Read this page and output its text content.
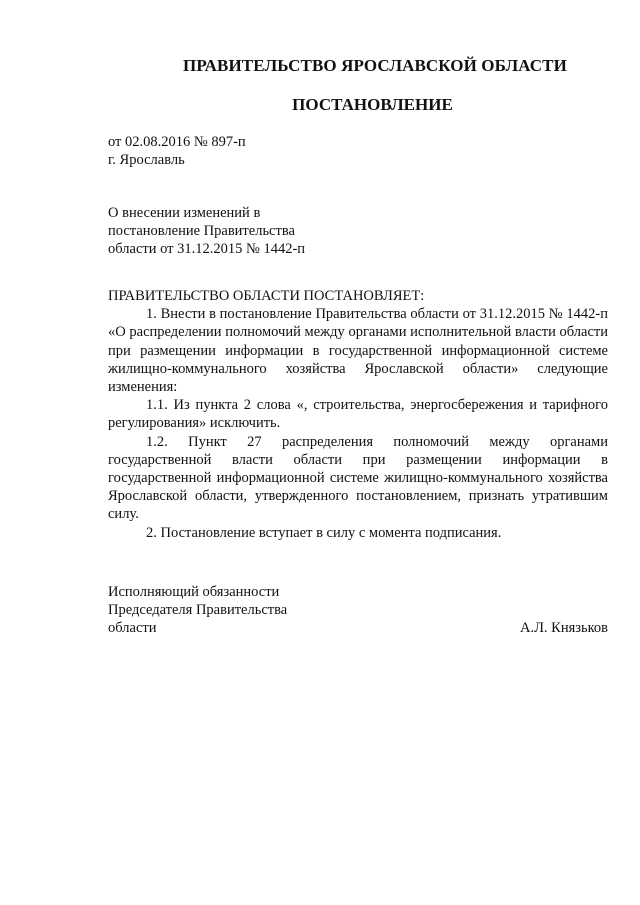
ПРАВИТЕЛЬСТВО ЯРОСЛАВСКОЙ ОБЛАСТИ
ПОСТАНОВЛЕНИЕ
от 02.08.2016 № 897-п
г. Ярославль
О внесении изменений в
постановление Правительства
области от 31.12.2015 № 1442-п

ПРАВИТЕЛЬСТВО ОБЛАСТИ ПОСТАНОВЛЯЕТ:

1. Внести в постановление Правительства области от 31.12.2015 № 1442-п «О распределении полномочий между органами исполнительной власти области при размещении информации в государственной информационной системе жилищно-коммунального хозяйства Ярославской области» следующие изменения:

1.1. Из пункта 2 слова «, строительства, энергосбережения и тарифного регулирования» исключить.

1.2. Пункт 27 распределения полномочий между органами государственной власти области при размещении информации в государственной информационной системе жилищно-коммунального хозяйства Ярославской области, утвержденного постановлением, признать утратившим силу.

2. Постановление вступает в силу с момента подписания.

Исполняющий обязанности
Председателя Правительства
области	А.Л. Князьков
